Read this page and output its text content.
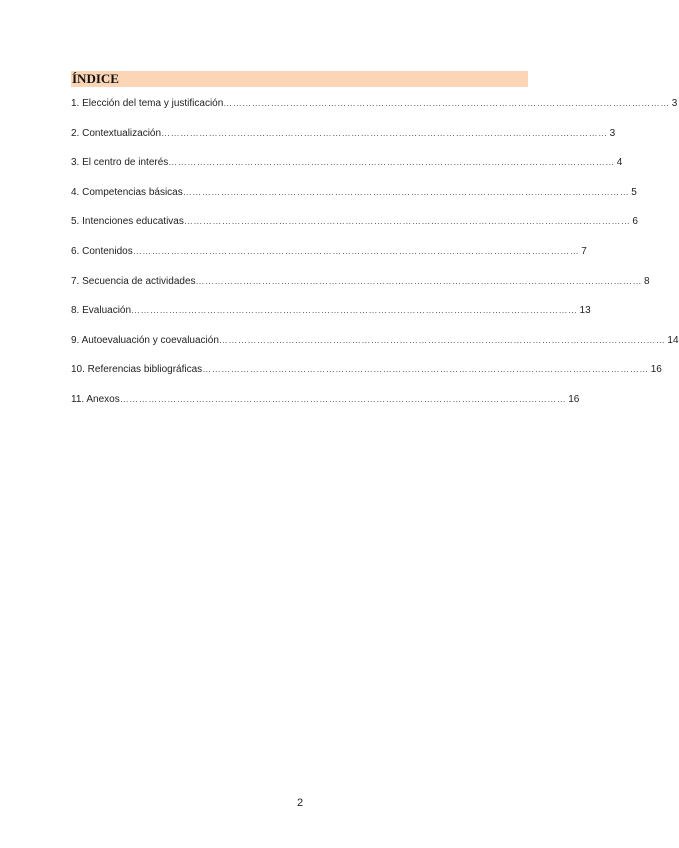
ÍNDICE
1. Elección del tema y justificación …………………………………………………………………………………………………………………………… 3
2. Contextualización …………………………………………………………………………………………………………………………… 3
3. El centro de interés …………………………………………………………………………………………………………………………… 4
4. Competencias básicas …………………………………………………………………………………………………………………………… 5
5. Intenciones educativas …………………………………………………………………………………………………………………………… 6
6. Contenidos …………………………………………………………………………………………………………………………… 7
7. Secuencia de actividades …………………………………………………………………………………………………………………………… 8
8. Evaluación …………………………………………………………………………………………………………………………… 13
9. Autoevaluación y coevaluación …………………………………………………………………………………………………………………………… 14
10. Referencias bibliográficas …………………………………………………………………………………………………………………………… 16
11. Anexos …………………………………………………………………………………………………………………………… 16
2
